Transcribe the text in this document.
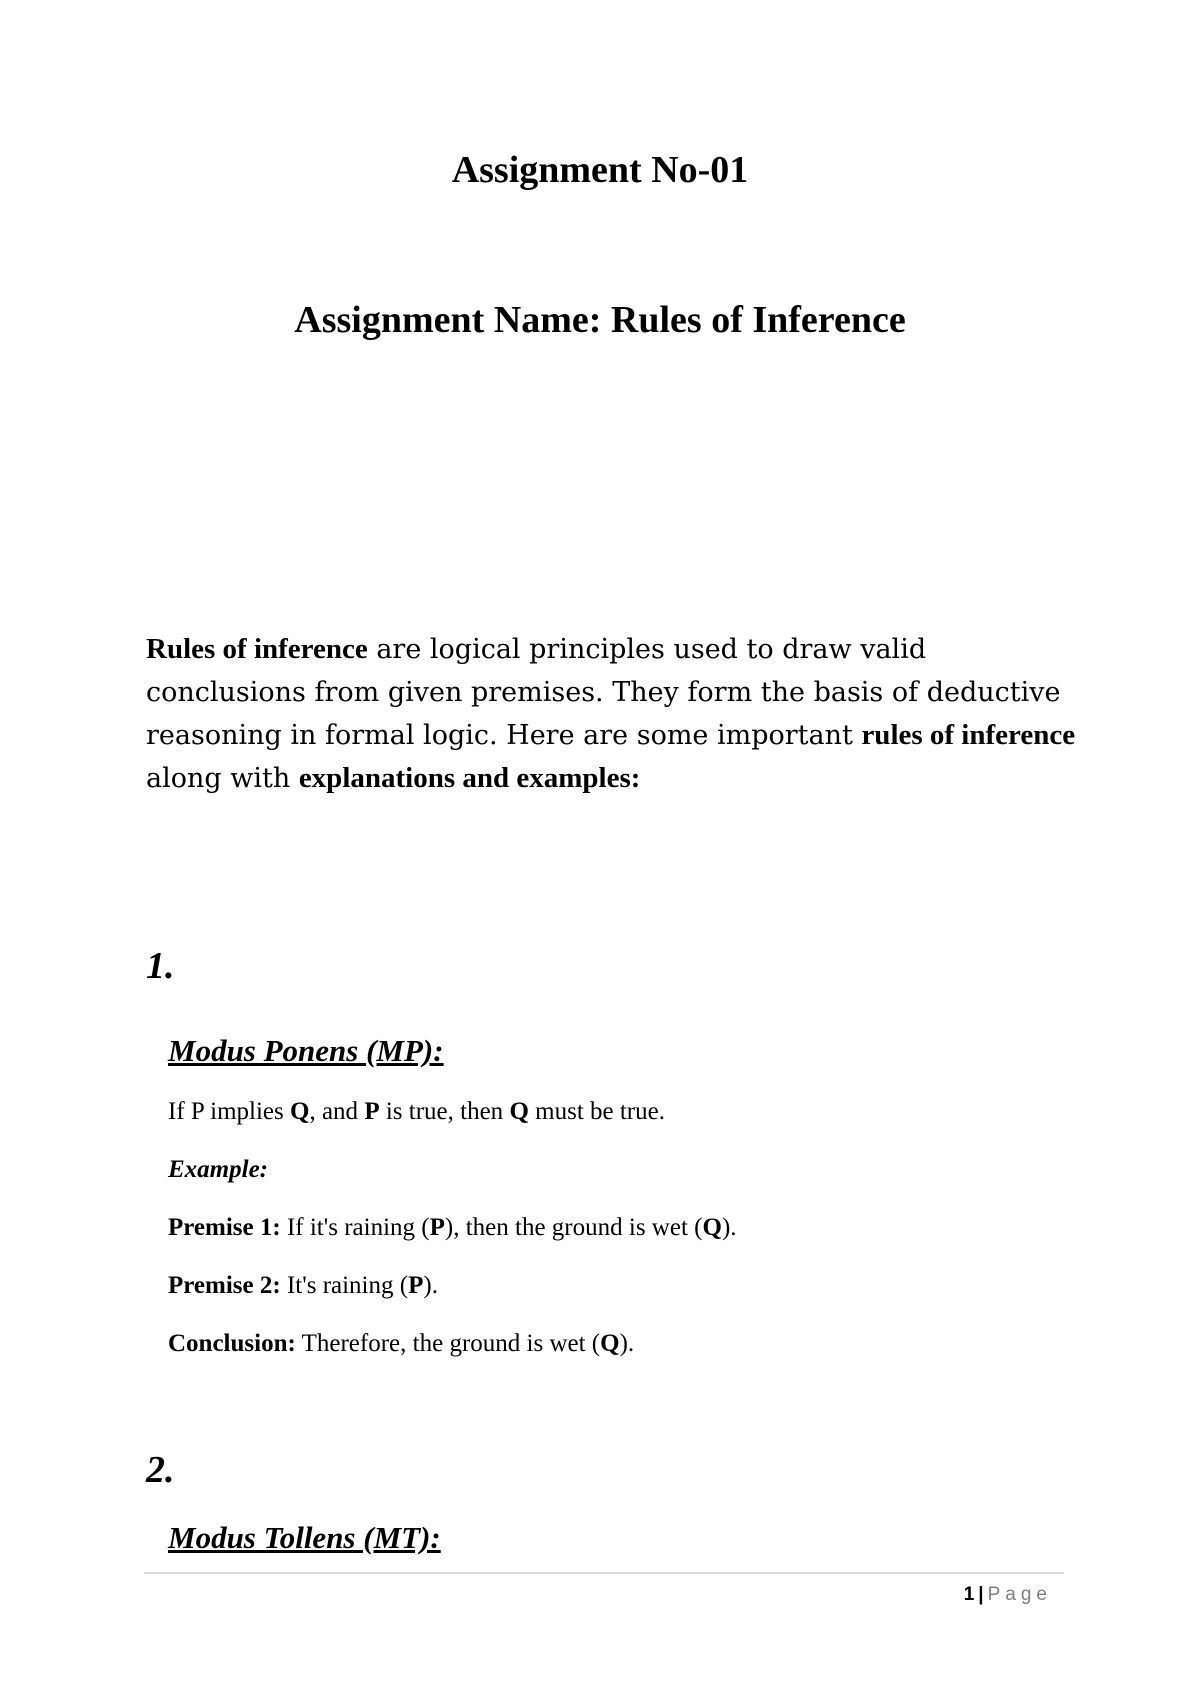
Assignment No-01
Assignment Name: Rules of Inference
Rules of inference are logical principles used to draw valid
conclusions from given premises. They form the basis of deductive
reasoning in formal logic. Here are some important rules of inference
along with explanations and examples:
1.
Modus Ponens (MP):
If P implies Q, and P is true, then Q must be true.
Example:
Premise 1: If it's raining (P), then the ground is wet (Q).
Premise 2: It's raining (P).
Conclusion: Therefore, the ground is wet (Q).
2.
Modus Tollens (MT):
1 | Page
